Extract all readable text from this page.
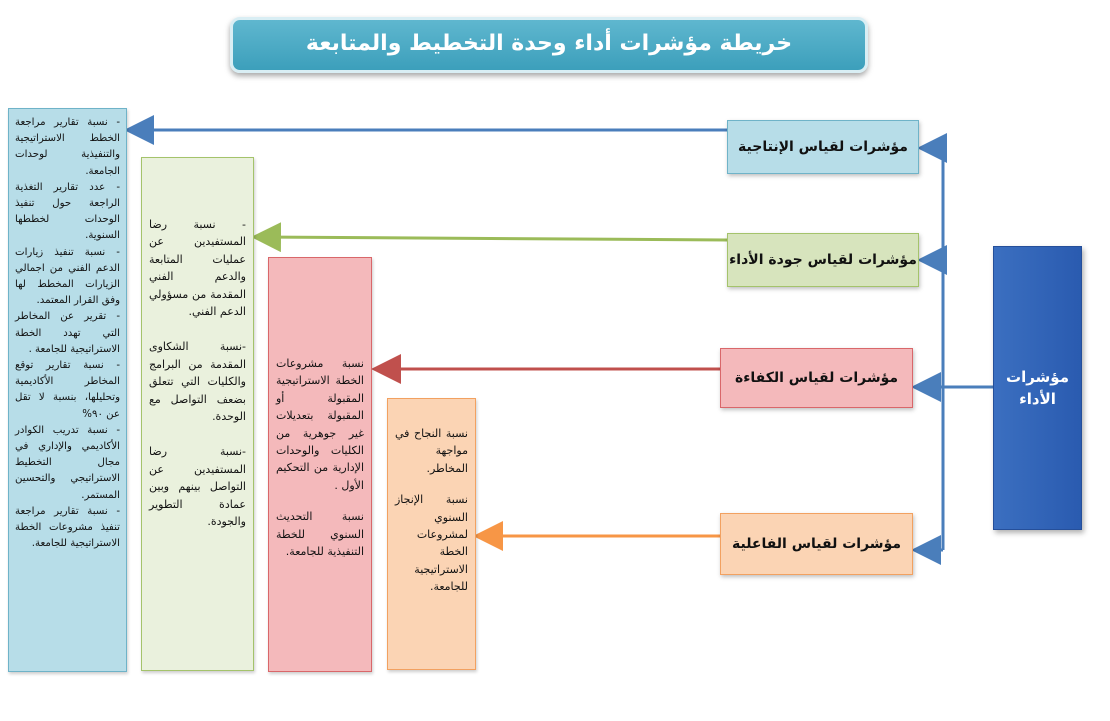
خريطة مؤشرات أداء وحدة التخطيط والمتابعة
مؤشرات الأداء
مؤشرات لقياس الإنتاجية
مؤشرات لقياس جودة الأداء
مؤشرات لقياس الكفاءة
مؤشرات لقياس الفاعلية

- نسبة تقارير مراجعة الخطط الاستراتيجية والتنفيذية لوحدات الجامعة.

- عدد تقارير التغذية الراجعة حول تنفيذ الوحدات لخططها السنوية.

- نسبة تنفيذ زيارات الدعم الفني من اجمالي الزيارات المخطط لها وفق القرار المعتمد.

- تقرير عن المخاطر التي تهدد الخطة الاستراتيجية للجامعة .

- نسبة تقارير توقع المخاطر الأكاديمية وتحليلها، بنسبة لا تقل عن ٩٠%

- نسبة تدريب الكوادر الأكاديمي والإداري في مجال التخطيط الاستراتيجي والتحسين المستمر.

- نسبة تقارير مراجعة تنفيذ مشروعات الخطة الاستراتيجية للجامعة.

- نسبة رضا المستفيدين عن عمليات المتابعة والدعم الفني المقدمة من مسؤولي الدعم الفني.

-نسبة الشكاوى المقدمة من البرامج والكليات التي تتعلق بضعف التواصل مع الوحدة.

-نسبة رضا المستفيدين عن التواصل بينهم وبين عمادة التطوير والجودة.

نسبة مشروعات الخطة الاستراتيجية المقبولة أو المقبولة بتعديلات غير جوهرية من الكليات والوحدات الإدارية من التحكيم الأول .

نسبة التحديث السنوي للخطة التنفيذية للجامعة.

نسبة النجاح في مواجهة المخاطر.

نسبة الإنجاز السنوي لمشروعات الخطة الاستراتيجية للجامعة.
